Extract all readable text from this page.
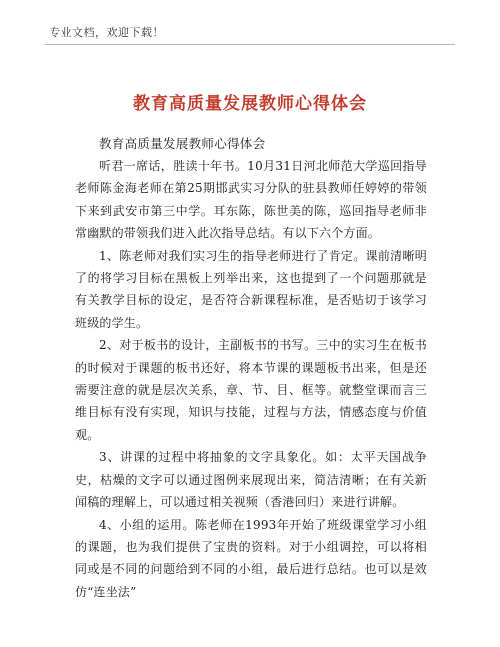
专业文档，欢迎下载！
教育高质量发展教师心得体会
教育高质量发展教师心得体会

听君一席话，胜读十年书。10月31日河北师范大学巡回指导老师陈金海老师在第25期邯武实习分队的驻县教师任婷婷的带领下来到武安市第三中学。耳东陈，陈世美的陈，巡回指导老师非常幽默的带领我们进入此次指导总结。有以下六个方面。

1、陈老师对我们实习生的指导老师进行了肯定。课前清晰明了的将学习目标在黑板上列举出来，这也提到了一个问题那就是有关教学目标的设定，是否符合新课程标准，是否贴切于该学习班级的学生。

2、对于板书的设计，主副板书的书写。三中的实习生在板书的时候对于课题的板书还好，将本节课的课题板书出来，但是还需要注意的就是层次关系，章、节、目、框等。就整堂课而言三维目标有没有实现，知识与技能，过程与方法，情感态度与价值观。

3、讲课的过程中将抽象的文字具象化。如：太平天国战争史，枯燥的文字可以通过图例来展现出来，简洁清晰；在有关新闻稿的理解上，可以通过相关视频（香港回归）来进行讲解。

4、小组的运用。陈老师在1993年开始了班级课堂学习小组的课题，也为我们提供了宝贵的资料。对于小组调控，可以将相同或是不同的问题给到不同的小组，最后进行总结。也可以是效仿“连坐法”
